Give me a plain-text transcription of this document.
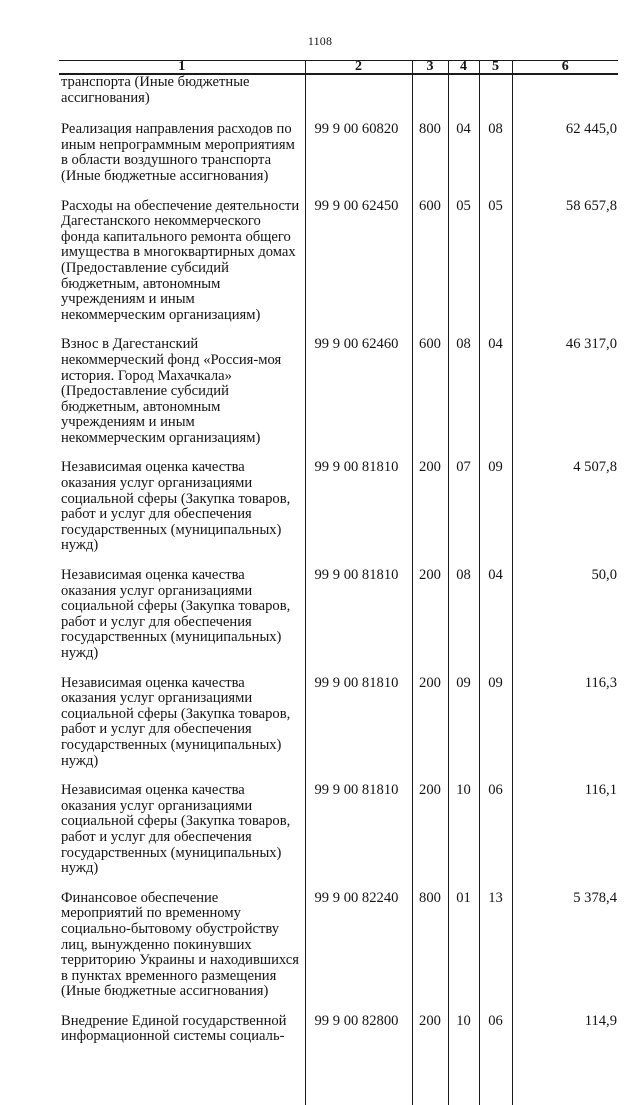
1108
1	2	3	4	5	6
транспорта (Иные бюджетные ассигнования)					
Реализация направления расходов по иным непрограммным мероприятиям в области воздушного транспорта (Иные бюджетные ассигнования)	99 9 00 60820	800	04	08	62 445,0
Расходы на обеспечение деятельности Дагестанского некоммерческого фонда капитального ремонта общего имущества в многоквартирных домах (Предоставление субсидий бюджетным, автономным учреждениям и иным некоммерческим организациям)	99 9 00 62450	600	05	05	58 657,8
Взнос в Дагестанский некоммерческий фонд «Россия-моя история. Город Махачкала» (Предоставление субсидий бюджетным, автономным учреждениям и иным некоммерческим организациям)	99 9 00 62460	600	08	04	46 317,0
Независимая оценка качества оказания услуг организациями социальной сферы (Закупка товаров, работ и услуг для обеспечения государственных (муниципальных) нужд)	99 9 00 81810	200	07	09	4 507,8
Независимая оценка качества оказания услуг организациями социальной сферы (Закупка товаров, работ и услуг для обеспечения государственных (муниципальных) нужд)	99 9 00 81810	200	08	04	50,0
Независимая оценка качества оказания услуг организациями социальной сферы (Закупка товаров, работ и услуг для обеспечения государственных (муниципальных) нужд)	99 9 00 81810	200	09	09	116,3
Независимая оценка качества оказания услуг организациями социальной сферы (Закупка товаров, работ и услуг для обеспечения государственных (муниципальных) нужд)	99 9 00 81810	200	10	06	116,1
Финансовое обеспечение мероприятий по временному социально-бытовому обустройству лиц, вынужденно покинувших территорию Украины и находившихся в пунктах временного размещения (Иные бюджетные ассигнования)	99 9 00 82240	800	01	13	5 378,4
Внедрение Единой государственной информационной системы социаль-	99 9 00 82800	200	10	06	114,9
